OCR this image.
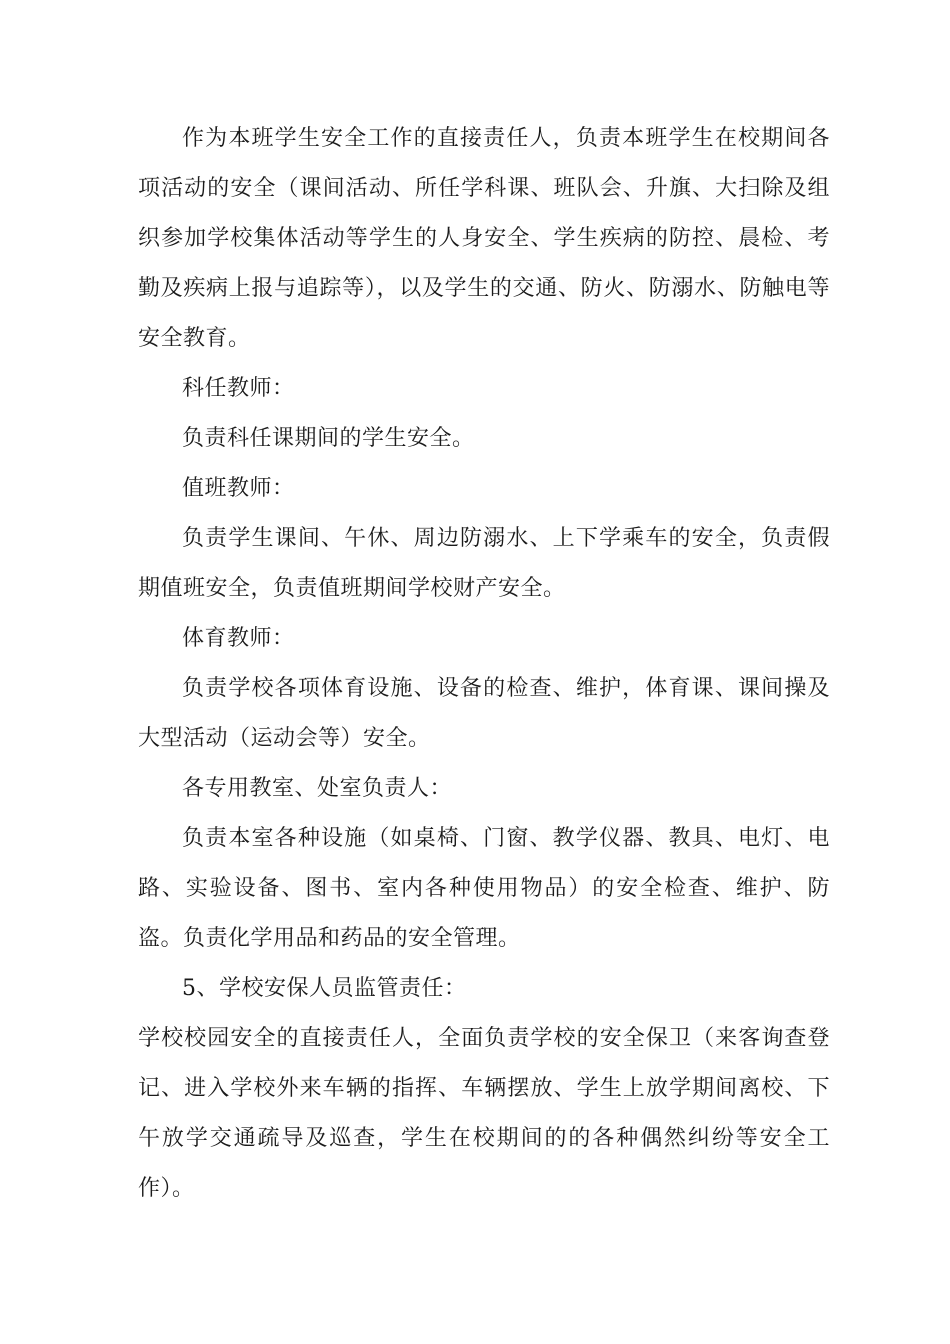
作为本班学生安全工作的直接责任人，负责本班学生在校期间各项活动的安全（课间活动、所任学科课、班队会、升旗、大扫除及组织参加学校集体活动等学生的人身安全、学生疾病的防控、晨检、考勤及疾病上报与追踪等），以及学生的交通、防火、防溺水、防触电等安全教育。

科任教师：

负责科任课期间的学生安全。

值班教师：

负责学生课间、午休、周边防溺水、上下学乘车的安全，负责假期值班安全，负责值班期间学校财产安全。

体育教师：

负责学校各项体育设施、设备的检查、维护，体育课、课间操及大型活动（运动会等）安全。

各专用教室、处室负责人：

负责本室各种设施（如桌椅、门窗、教学仪器、教具、电灯、电路、实验设备、图书、室内各种使用物品）的安全检查、维护、防盗。负责化学用品和药品的安全管理。

5、学校安保人员监管责任：

学校校园安全的直接责任人，全面负责学校的安全保卫（来客询查登记、进入学校外来车辆的指挥、车辆摆放、学生上放学期间离校、下午放学交通疏导及巡查，学生在校期间的的各种偶然纠纷等安全工作）。
